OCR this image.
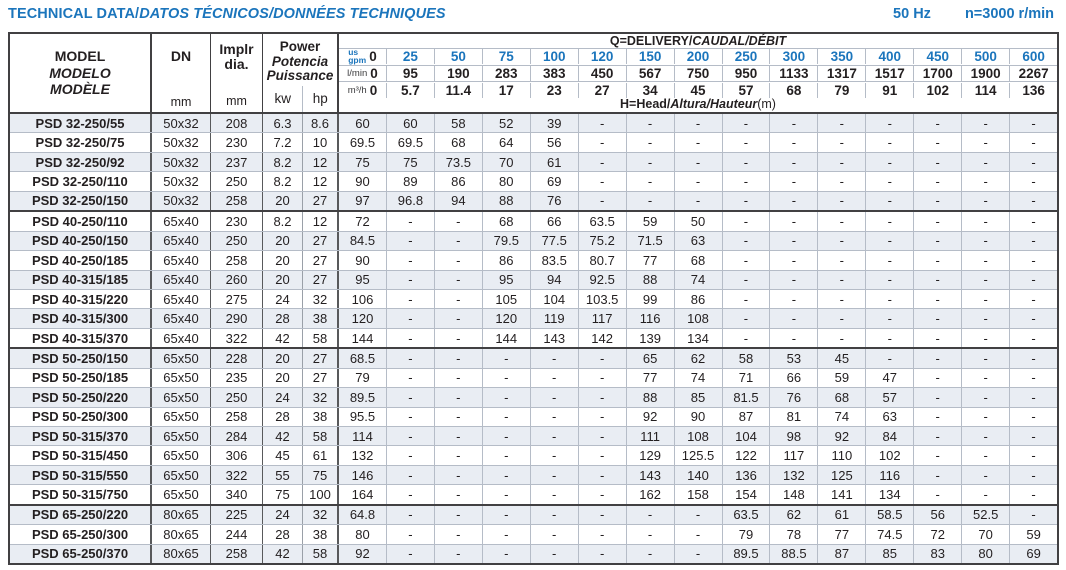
TECHNICAL DATA/DATOS TÉCNICOS/DONNÉES TECHNIQUES	50 Hz n=3000 r/min
MODEL
MODELO
MODÈLE
DN
mm
Implr
dia.
mm
Power
Potencia
Puissance
kw	hp
Q=DELIVERY/CAUDAL/DÉBIT
us
gpm 0	25	50	75	100	120	150	200	250	300	350	400	450	500	600
l/min 0	95	190	283	383	450	567	750	950	1133	1317	1517	1700	1900	2267
m³/h 0	5.7	11.4	17	23	27	34	45	57	68	79	91	102	114	136
H=Head/Altura/Hauteur(m)
PSD 32-250/55	50x32	208	6.3	8.6	60	60	58	52	39	-	-	-	-	-	-	-	-	-	-
PSD 32-250/75	50x32	230	7.2	10	69.5	69.5	68	64	56	-	-	-	-	-	-	-	-	-	-
PSD 32-250/92	50x32	237	8.2	12	75	75	73.5	70	61	-	-	-	-	-	-	-	-	-	-
PSD 32-250/110	50x32	250	8.2	12	90	89	86	80	69	-	-	-	-	-	-	-	-	-	-
PSD 32-250/150	50x32	258	20	27	97	96.8	94	88	76	-	-	-	-	-	-	-	-	-	-
PSD 40-250/110	65x40	230	8.2	12	72	-	-	68	66	63.5	59	50	-	-	-	-	-	-	-
PSD 40-250/150	65x40	250	20	27	84.5	-	-	79.5	77.5	75.2	71.5	63	-	-	-	-	-	-	-
PSD 40-250/185	65x40	258	20	27	90	-	-	86	83.5	80.7	77	68	-	-	-	-	-	-	-
PSD 40-315/185	65x40	260	20	27	95	-	-	95	94	92.5	88	74	-	-	-	-	-	-	-
PSD 40-315/220	65x40	275	24	32	106	-	-	105	104	103.5	99	86	-	-	-	-	-	-	-
PSD 40-315/300	65x40	290	28	38	120	-	-	120	119	117	116	108	-	-	-	-	-	-	-
PSD 40-315/370	65x40	322	42	58	144	-	-	144	143	142	139	134	-	-	-	-	-	-	-
PSD 50-250/150	65x50	228	20	27	68.5	-	-	-	-	-	65	62	58	53	45	-	-	-	-
PSD 50-250/185	65x50	235	20	27	79	-	-	-	-	-	77	74	71	66	59	47	-	-	-
PSD 50-250/220	65x50	250	24	32	89.5	-	-	-	-	-	88	85	81.5	76	68	57	-	-	-
PSD 50-250/300	65x50	258	28	38	95.5	-	-	-	-	-	92	90	87	81	74	63	-	-	-
PSD 50-315/370	65x50	284	42	58	114	-	-	-	-	-	111	108	104	98	92	84	-	-	-
PSD 50-315/450	65x50	306	45	61	132	-	-	-	-	-	129	125.5	122	117	110	102	-	-	-
PSD 50-315/550	65x50	322	55	75	146	-	-	-	-	-	143	140	136	132	125	116	-	-	-
PSD 50-315/750	65x50	340	75	100	164	-	-	-	-	-	162	158	154	148	141	134	-	-	-
PSD 65-250/220	80x65	225	24	32	64.8	-	-	-	-	-	-	-	63.5	62	61	58.5	56	52.5	-
PSD 65-250/300	80x65	244	28	38	80	-	-	-	-	-	-	-	79	78	77	74.5	72	70	59
PSD 65-250/370	80x65	258	42	58	92	-	-	-	-	-	-	-	89.5	88.5	87	85	83	80	69
